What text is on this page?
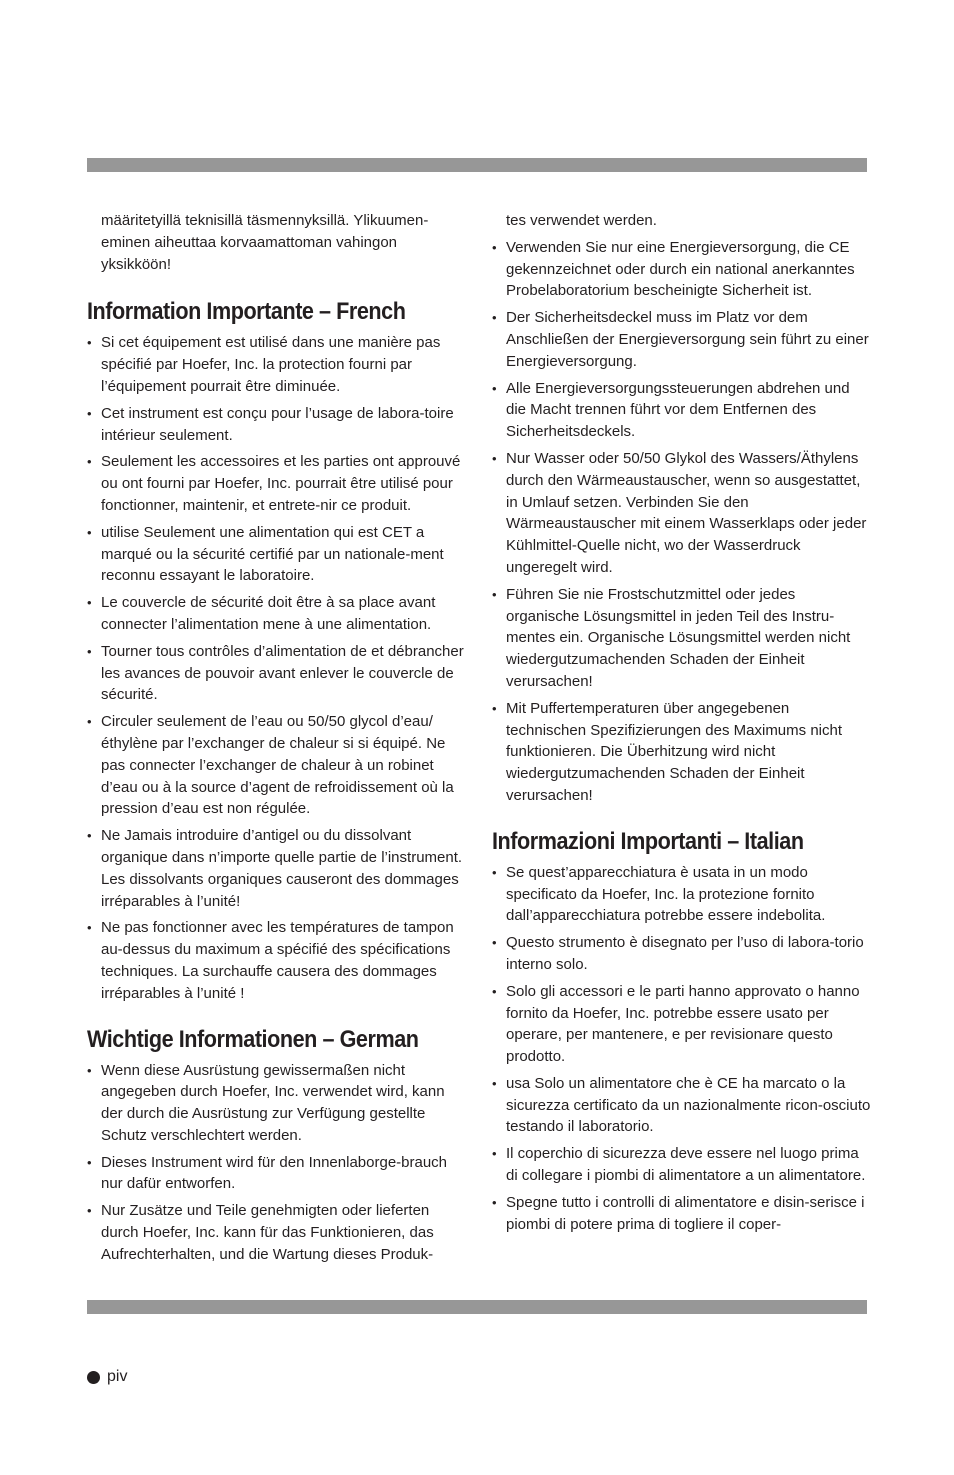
määritetyillä teknisillä täsmennyksillä. Ylikuumen-eminen aiheuttaa korvaamattoman vahingon yksikköön!

Information Importante – French
• Si cet équipement est utilisé dans une manière pas spécifié par Hoefer, Inc. la protection fourni par l’équipement pourrait être diminuée.
• Cet instrument est conçu pour l’usage de labora-toire intérieur seulement.
• Seulement les accessoires et les parties ont approuvé ou ont fourni par Hoefer, Inc. pourrait être utilisé pour fonctionner, maintenir, et entrete-nir ce produit.
• utilise Seulement une alimentation qui est CET a marqué ou la sécurité certifié par un nationale-ment reconnu essayant le laboratoire.
• Le couvercle de sécurité doit être à sa place avant connecter l’alimentation mene à une alimentation.
• Tourner tous contrôles d’alimentation de et débrancher les avances de pouvoir avant enlever le couvercle de sécurité.
• Circuler seulement de l’eau ou 50/50 glycol d’eau/éthylène par l’exchanger de chaleur si si équipé. Ne pas connecter l’exchanger de chaleur à un robinet d’eau ou à la source d’agent de refroidissement où la pression d’eau est non régulée.
• Ne Jamais introduire d’antigel ou du dissolvant organique dans n’importe quelle partie de l’instrument. Les dissolvants organiques causeront des dommages irréparables à l’unité!
• Ne pas fonctionner avec les températures de tampon au-dessus du maximum a spécifié des spécifications techniques. La surchauffe causera des dommages irréparables à l’unité !
Wichtige Informationen – German
• Wenn diese Ausrüstung gewissermaßen nicht angegeben durch Hoefer, Inc. verwendet wird, kann der durch die Ausrüstung zur Verfügung gestellte Schutz verschlechtert werden.
• Dieses Instrument wird für den Innenlaborge-brauch nur dafür entworfen.
• Nur Zusätze und Teile genehmigten oder lieferten durch Hoefer, Inc. kann für das Funktionieren, das Aufrechterhalten, und die Wartung dieses Produk-

tes verwendet werden.

• Verwenden Sie nur eine Energieversorgung, die CE gekennzeichnet oder durch ein national anerkanntes Probelaboratorium bescheinigte Sicherheit ist.
• Der Sicherheitsdeckel muss im Platz vor dem Anschließen der Energieversorgung sein führt zu einer Energieversorgung.
• Alle Energieversorgungssteuerungen abdrehen und die Macht trennen führt vor dem Entfernen des Sicherheitsdeckels.
• Nur Wasser oder 50/50 Glykol des Wassers/Äthylens durch den Wärmeaustauscher, wenn so ausgestattet, in Umlauf setzen. Verbinden Sie den Wärmeaustauscher mit einem Wasserklaps oder jeder Kühlmittel-Quelle nicht, wo der Wasserdruck ungeregelt wird.
• Führen Sie nie Frostschutzmittel oder jedes organische Lösungsmittel in jeden Teil des Instru-mentes ein. Organische Lösungsmittel werden nicht wiedergutzumachenden Schaden der Einheit verursachen!
• Mit Puffertemperaturen über angegebenen technischen Spezifizierungen des Maximums nicht funktionieren. Die Überhitzung wird nicht wiedergutzumachenden Schaden der Einheit verursachen!
Informazioni Importanti – Italian
• Se quest’apparecchiatura è usata in un modo specificato da Hoefer, Inc. la protezione fornito dall’apparecchiatura potrebbe essere indebolita.
• Questo strumento è disegnato per l’uso di labora-torio interno solo.
• Solo gli accessori e le parti hanno approvato o hanno fornito da Hoefer, Inc. potrebbe essere usato per operare, per mantenere, e per revisionare questo prodotto.
• usa Solo un alimentatore che è CE ha marcato o la sicurezza certificato da un nazionalmente ricon-osciuto testando il laboratorio.
• Il coperchio di sicurezza deve essere nel luogo prima di collegare i piombi di alimentatore a un alimentatore.
• Spegne tutto i controlli di alimentatore e disin-serisce i piombi di potere prima di togliere il coper-
piv
